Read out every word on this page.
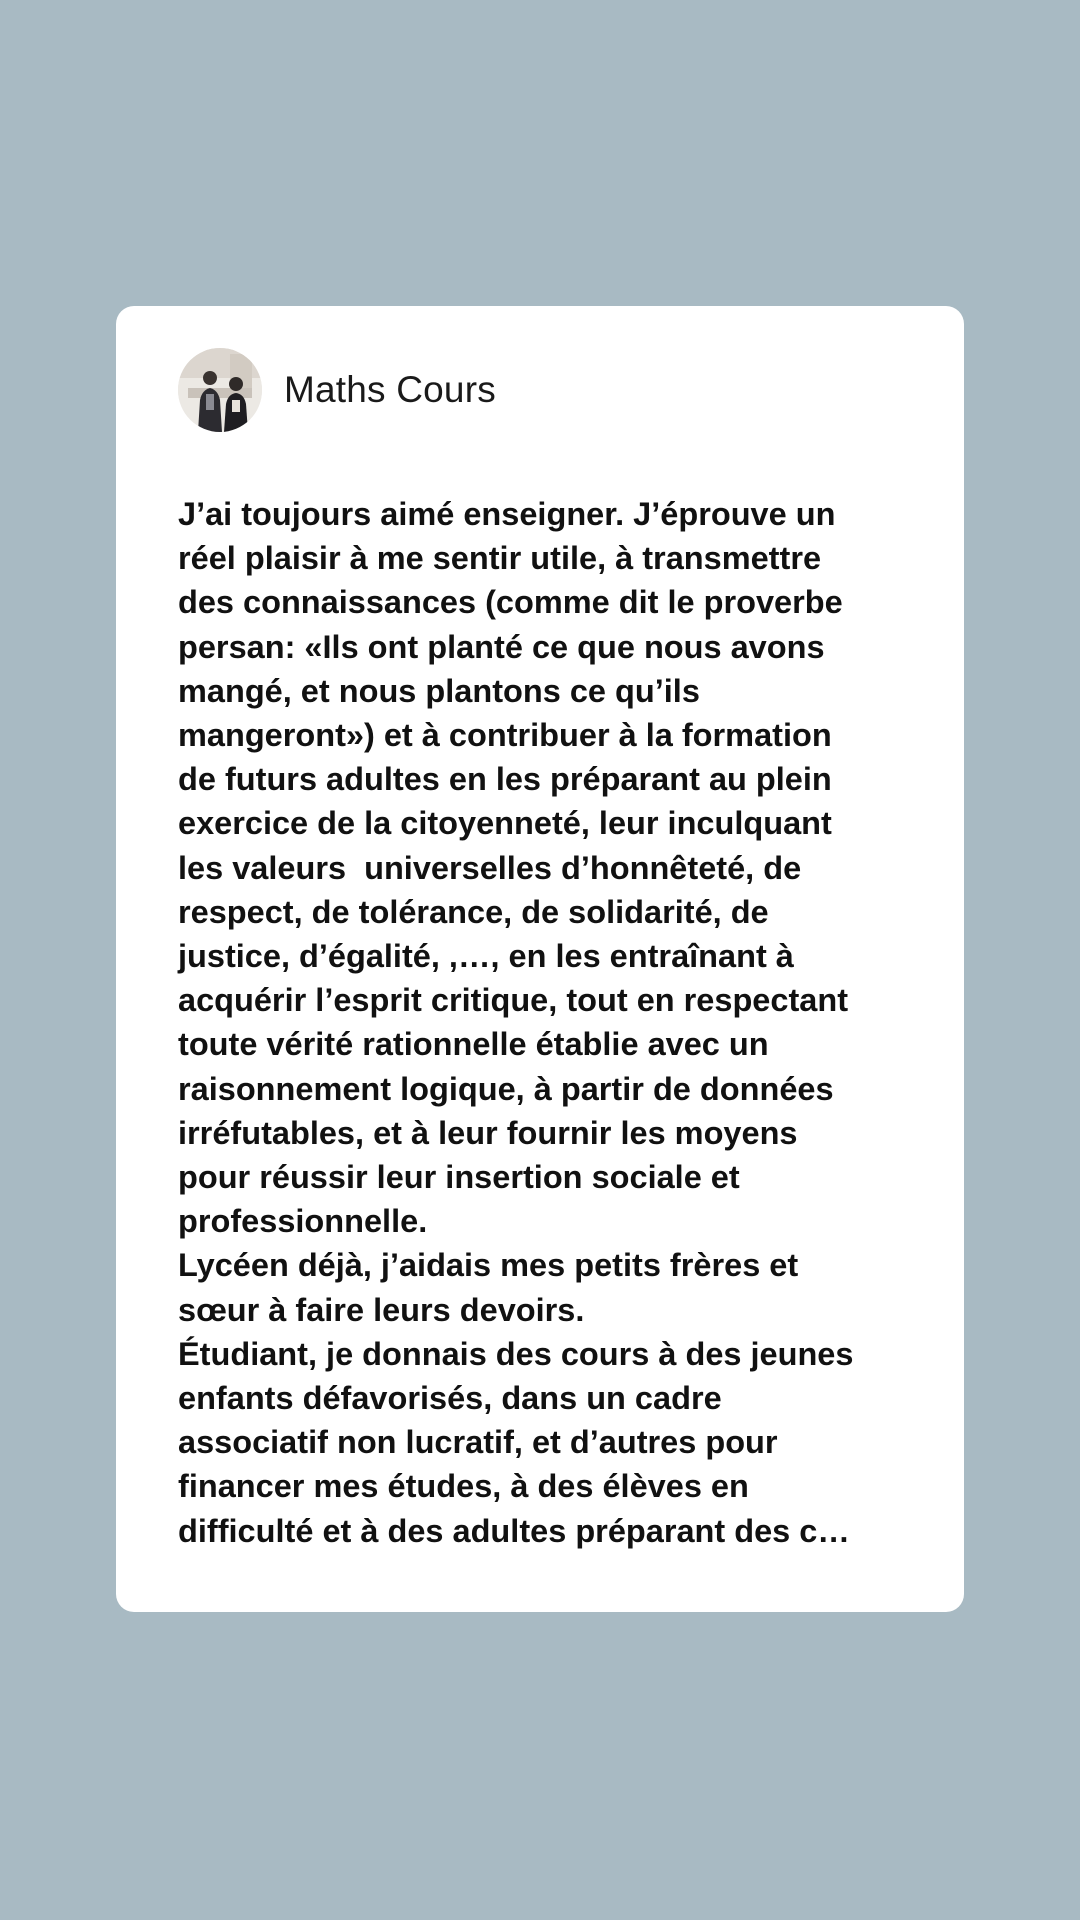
Maths Cours
J’ai toujours aimé enseigner. J’éprouve un
réel plaisir à me sentir utile, à transmettre
des connaissances (comme dit le proverbe
persan: «Ils ont planté ce que nous avons
mangé, et nous plantons ce qu’ils
mangeront») et à contribuer à la formation
de futurs adultes en les préparant au plein
exercice de la citoyenneté, leur inculquant
les valeurs  universelles d’honnêteté, de
respect, de tolérance, de solidarité, de
justice, d’égalité, ,…, en les entraînant à
acquérir l’esprit critique, tout en respectant
toute vérité rationnelle établie avec un
raisonnement logique, à partir de données
irréfutables, et à leur fournir les moyens
pour réussir leur insertion sociale et
professionnelle.
Lycéen déjà, j’aidais mes petits frères et
sœur à faire leurs devoirs.
Étudiant, je donnais des cours à des jeunes
enfants défavorisés, dans un cadre
associatif non lucratif, et d’autres pour
financer mes études, à des élèves en
difficulté et à des adultes préparant des c…
